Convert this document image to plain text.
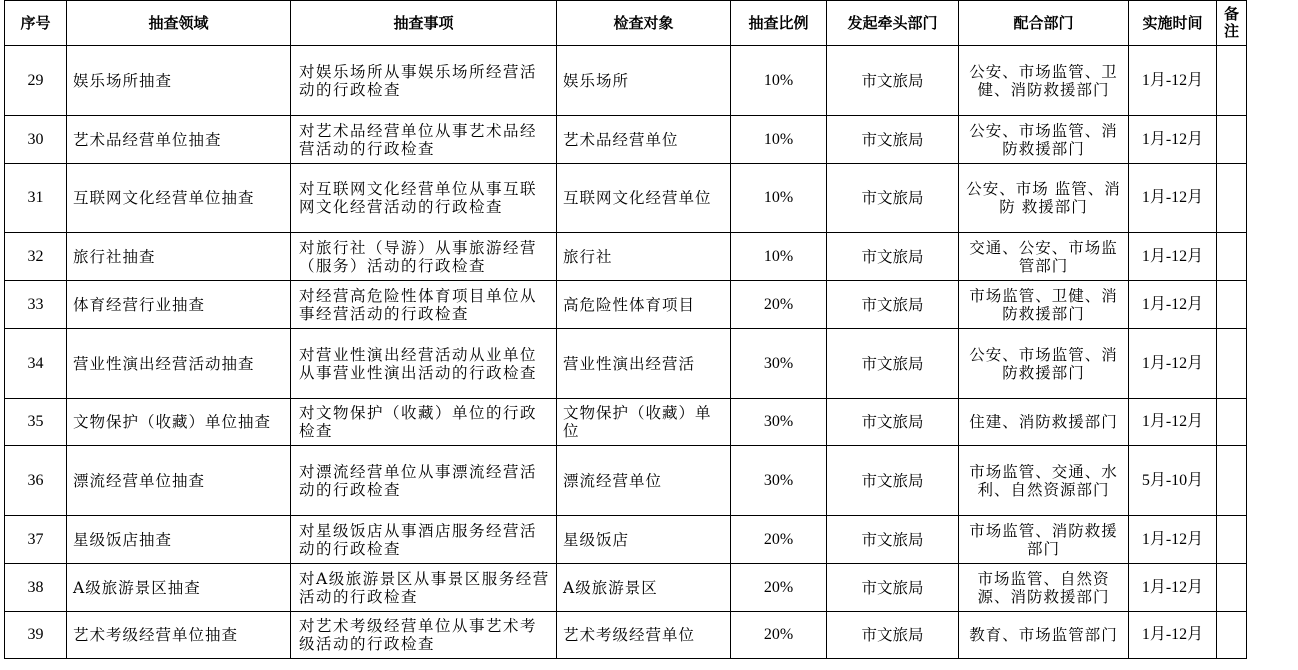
序号	抽查领域	抽查事项	检查对象	抽查比例	发起牵头部门	配合部门	实施时间	备注
29	娱乐场所抽查	对娱乐场所从事娱乐场所经营活动的行政检查	娱乐场所	10%	市文旅局	公安、市场监管、卫健、消防救援部门	1月-12月	
30	艺术品经营单位抽查	对艺术品经营单位从事艺术品经营活动的行政检查	艺术品经营单位	10%	市文旅局	公安、市场监管、消防救援部门	1月-12月	
31	互联网文化经营单位抽查	对互联网文化经营单位从事互联网文化经营活动的行政检查	互联网文化经营单位	10%	市文旅局	公安、市场 监管、消防 救援部门	1月-12月	
32	旅行社抽查	对旅行社（导游）从事旅游经营（服务）活动的行政检查	旅行社	10%	市文旅局	交通、公安、市场监管部门	1月-12月	
33	体育经营行业抽查	对经营高危险性体育项目单位从事经营活动的行政检查	高危险性体育项目	20%	市文旅局	市场监管、卫健、消防救援部门	1月-12月	
34	营业性演出经营活动抽查	对营业性演出经营活动从业单位从事营业性演出活动的行政检查	营业性演出经营活	30%	市文旅局	公安、市场监管、消防救援部门	1月-12月	
35	文物保护（收藏）单位抽查	对文物保护（收藏）单位的行政检查	文物保护（收藏）单位	30%	市文旅局	住建、消防救援部门	1月-12月	
36	漂流经营单位抽查	对漂流经营单位从事漂流经营活动的行政检查	漂流经营单位	30%	市文旅局	市场监管、交通、水利、自然资源部门	5月-10月	
37	星级饭店抽查	对星级饭店从事酒店服务经营活动的行政检查	星级饭店	20%	市文旅局	市场监管、消防救援部门	1月-12月	
38	A级旅游景区抽查	对A级旅游景区从事景区服务经营活动的行政检查	A级旅游景区	20%	市文旅局	市场监管、自然资源、消防救援部门	1月-12月	
39	艺术考级经营单位抽查	对艺术考级经营单位从事艺术考级活动的行政检查	艺术考级经营单位	20%	市文旅局	教育、市场监管部门	1月-12月	
